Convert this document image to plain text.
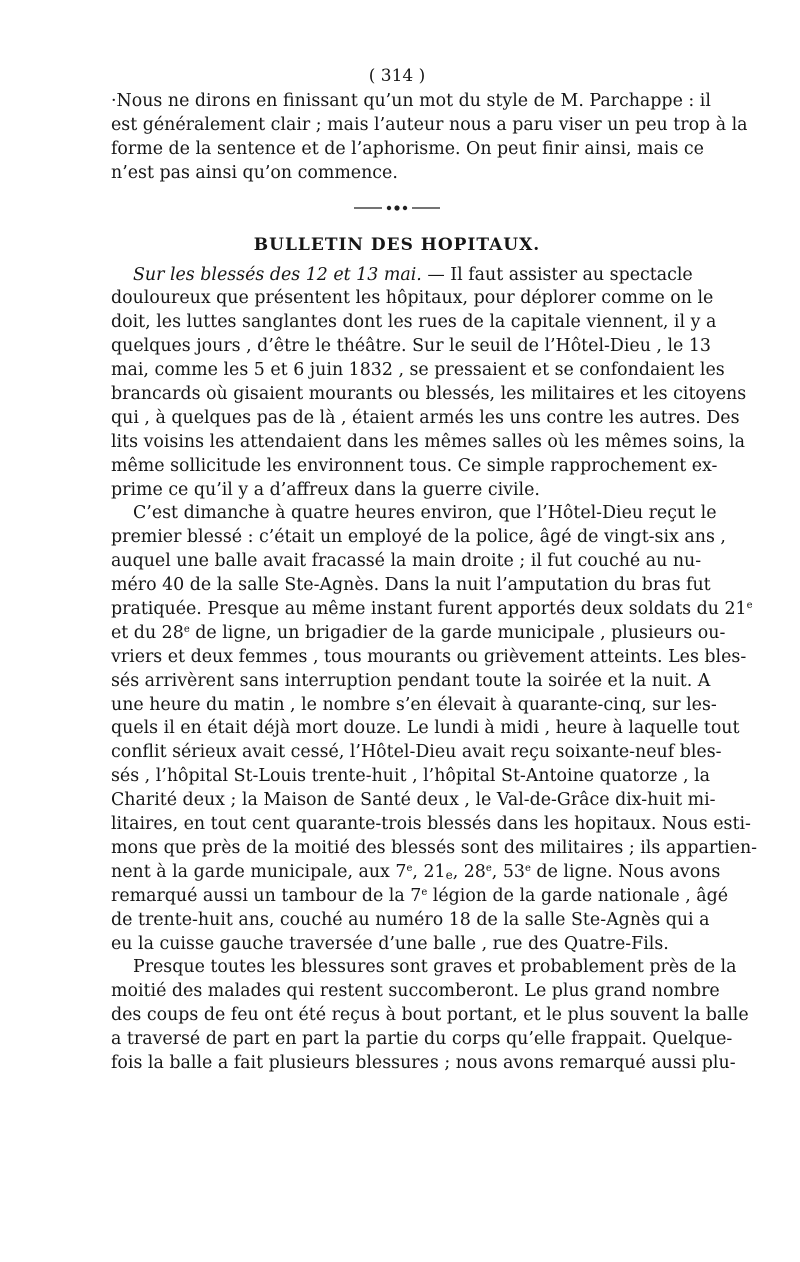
( 314 )
·Nous ne dirons en finissant qu’un mot du style de M. Parchappe : il
est généralement clair ; mais l’auteur nous a paru viser un peu trop à la
forme de la sentence et de l’aphorisme. On peut finir ainsi, mais ce
n’est pas ainsi qu’on commence.
BULLETIN DES HOPITAUX.
Sur les blessés des 12 et 13 mai. — Il faut assister au spectacle
douloureux que présentent les hôpitaux, pour déplorer comme on le
doit, les luttes sanglantes dont les rues de la capitale viennent, il y a
quelques jours , d’être le théâtre. Sur le seuil de l’Hôtel-Dieu , le 13
mai, comme les 5 et 6 juin 1832 , se pressaient et se confondaient les
brancards où gisaient mourants ou blessés, les militaires et les citoyens
qui , à quelques pas de là , étaient armés les uns contre les autres. Des
lits voisins les attendaient dans les mêmes salles où les mêmes soins, la
même sollicitude les environnent tous. Ce simple rapprochement ex-
prime ce qu’il y a d’affreux dans la guerre civile.
C’est dimanche à quatre heures environ, que l’Hôtel-Dieu reçut le
premier blessé : c’était un employé de la police, âgé de vingt-six ans ,
auquel une balle avait fracassé la main droite ; il fut couché au nu-
méro 40 de la salle Ste-Agnès. Dans la nuit l’amputation du bras fut
pratiquée. Presque au même instant furent apportés deux soldats du 21e
et du 28e de ligne, un brigadier de la garde municipale , plusieurs ou-
vriers et deux femmes , tous mourants ou grièvement atteints. Les bles-
sés arrivèrent sans interruption pendant toute la soirée et la nuit. A
une heure du matin , le nombre s’en élevait à quarante-cinq, sur les-
quels il en était déjà mort douze. Le lundi à midi , heure à laquelle tout
conflit sérieux avait cessé, l’Hôtel-Dieu avait reçu soixante-neuf bles-
sés , l’hôpital St-Louis trente-huit , l’hôpital St-Antoine quatorze , la
Charité deux ; la Maison de Santé deux , le Val-de-Grâce dix-huit mi-
litaires, en tout cent quarante-trois blessés dans les hopitaux. Nous esti-
mons que près de la moitié des blessés sont des militaires ; ils appartien-
nent à la garde municipale, aux 7e, $21_e$, 28e, 53e de ligne. Nous avons
remarqué aussi un tambour de la 7e légion de la garde nationale , âgé
de trente-huit ans, couché au numéro 18 de la salle Ste-Agnès qui a
eu la cuisse gauche traversée d’une balle , rue des Quatre-Fils.
Presque toutes les blessures sont graves et probablement près de la
moitié des malades qui restent succomberont. Le plus grand nombre
des coups de feu ont été reçus à bout portant, et le plus souvent la balle
a traversé de part en part la partie du corps qu’elle frappait. Quelque-
fois la balle a fait plusieurs blessures ; nous avons remarqué aussi plu-
